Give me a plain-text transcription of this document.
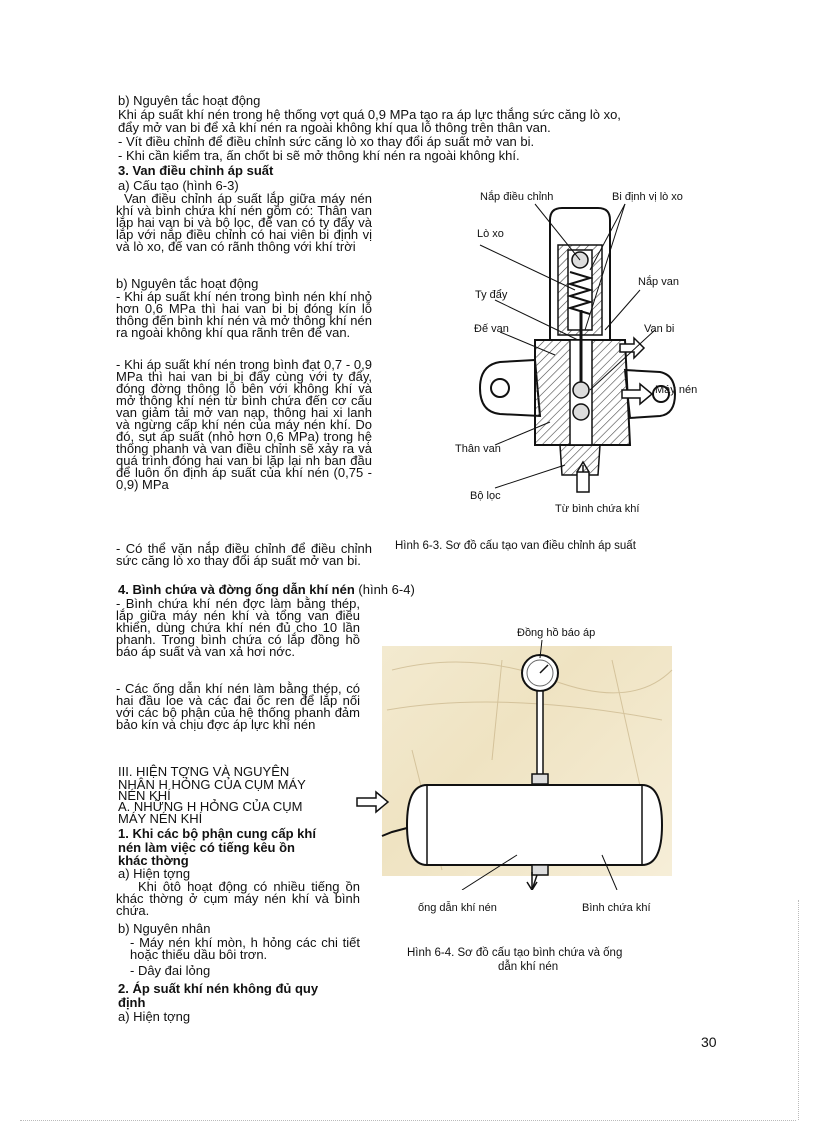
b) Nguyên tắc hoạt động
Khi áp suất khí nén trong hệ thống vợt quá 0,9 MPa tạo ra áp lực thắng sức căng lò xo,
đẩy mở van bi để xả khí nén ra ngoài không khí qua lỗ thông trên thân van.
- Vít điều chỉnh để điều chỉnh sức căng lò xo thay đổi áp suất mở van bi.
- Khi cần kiểm tra, ấn chốt bi sẽ mở thông khí nén ra ngoài không khí.
3. Van điều chỉnh áp suất
a) Cấu tạo (hình 6-3)
Van điều chỉnh áp suất lắp giữa máy nén khí và bình chứa khí nén gồm có: Thân van lắp hai van bi và bộ lọc, đế van có ty đẩy và lắp với nắp điều chỉnh có hai viên bi định vị và lò xo, đế van có rãnh thông với khí trời
b) Nguyên tắc hoạt động
- Khi áp suất khí nén trong bình nén khí nhỏ hơn 0,6 MPa thì hai van bi bị đóng kín lỗ thông đến bình khí nén và mở thông khí nén ra ngoài không khí qua rãnh trên đế van.
- Khi áp suất khí nén trong bình đạt 0,7 - 0,9 MPa thì hai van bi bị đẩy cùng với ty đẩy, đóng đờng thông lỗ bên với không khí và mở thông khí nén từ bình chứa đến cơ cấu van giảm tải mở van nạp, thông hai xi lanh và ngừng cấp khí nén của máy nén khí. Do đó, sụt áp suất (nhỏ hơn 0,6 MPa) trong hệ thống phanh và van điều chỉnh sẽ xảy ra và quá trình đóng hai van bi lặp lại nh ban đầu để luôn ổn định áp suất của khí nén (0,75 - 0,9) MPa
- Có thể vặn nắp điều chỉnh để điều chỉnh sức căng lò xo thay đổi áp suất mở van bi.
Nắp điều chỉnh	Bi định vị lò xo
Lò xo
Nắp van
Ty đẩy
Đế van	Van bi
Máy nén
Thân van
Bộ lọc
Từ bình chứa khí
Hình 6-3. Sơ đồ cấu tạo van điều chỉnh áp suất
4. Bình chứa và đờng ống dẫn khí nén (hình 6-4)
- Bình chứa khí nén đợc làm bằng thép, lắp giữa máy nén khí và tổng van điều khiển, dùng chứa khí nén đủ cho 10 lần phanh. Trong bình chứa có lắp đồng hồ báo áp suất và van xả hơi nớc.
- Các ống dẫn khí nén làm bằng thép, có hai đầu loe và các đai ốc ren để lắp nối với các bộ phận của hệ thống phanh đảm bảo kín và chịu đợc áp lực khí nén
Đồng hồ báo áp
ống dẫn khí nén	Bình chứa khí
Hình 6-4. Sơ đồ cấu tạo bình chứa và ống
dẫn khí nén
III. HIỆN TỢNG VÀ NGUYÊN
NHÂN H HỎNG CỦA CỤM MÁY
NÉN KHÍ
A. NHỮNG H HỎNG CỦA CỤM
MÁY NÉN KHÍ
1. Khi các bộ phận cung cấp khí
nén làm việc có tiếng kêu ồn
khác thờng
a) Hiện tợng
Khi ôtô hoạt động có nhiều tiếng ồn khác thờng ở cụm máy nén khí và bình chứa.
b) Nguyên nhân
- Máy nén khí mòn, h hỏng các chi tiết hoặc thiếu dầu bôi trơn.
- Dây đai lỏng
2. Áp suất khí nén không đủ quy
định
a) Hiện tợng
30
